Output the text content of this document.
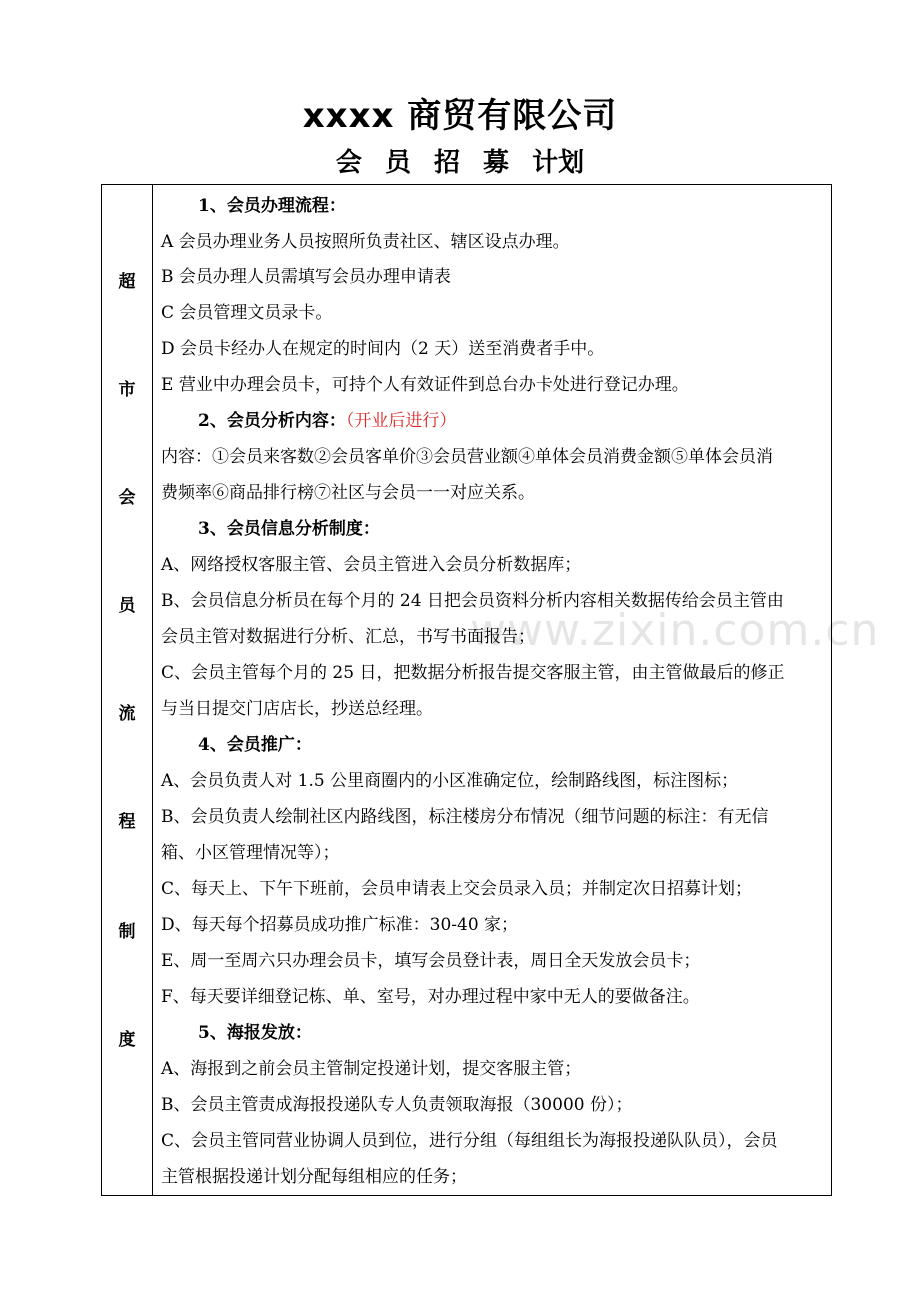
xxxx 商贸有限公司
会 员 招 募 计划
超
市
会
员
流
程
制
度
1、会员办理流程：
A 会员办理业务人员按照所负责社区、辖区设点办理。
B 会员办理人员需填写会员办理申请表
C 会员管理文员录卡。
D 会员卡经办人在规定的时间内（2 天）送至消费者手中。
E 营业中办理会员卡，可持个人有效证件到总台办卡处进行登记办理。
2、会员分析内容：（开业后进行）
内容：①会员来客数②会员客单价③会员营业额④单体会员消费金额⑤单体会员消
费频率⑥商品排行榜⑦社区与会员一一对应关系。
3、会员信息分析制度：
A、网络授权客服主管、会员主管进入会员分析数据库；
B、会员信息分析员在每个月的 24 日把会员资料分析内容相关数据传给会员主管由
会员主管对数据进行分析、汇总，书写书面报告；
C、会员主管每个月的 25 日，把数据分析报告提交客服主管，由主管做最后的修正
与当日提交门店店长，抄送总经理。
4、会员推广：
A、会员负责人对 1.5 公里商圈内的小区准确定位，绘制路线图，标注图标；
B、会员负责人绘制社区内路线图，标注楼房分布情况（细节问题的标注：有无信
箱、小区管理情况等）；
C、每天上、下午下班前，会员申请表上交会员录入员；并制定次日招募计划；
D、每天每个招募员成功推广标准：30-40 家；
E、周一至周六只办理会员卡，填写会员登计表，周日全天发放会员卡；
F、每天要详细登记栋、单、室号，对办理过程中家中无人的要做备注。
5、海报发放：
A、海报到之前会员主管制定投递计划，提交客服主管；
B、会员主管责成海报投递队专人负责领取海报（30000 份）；
C、会员主管同营业协调人员到位，进行分组（每组组长为海报投递队队员），会员
主管根据投递计划分配每组相应的任务；
www.zixin.com.cn
